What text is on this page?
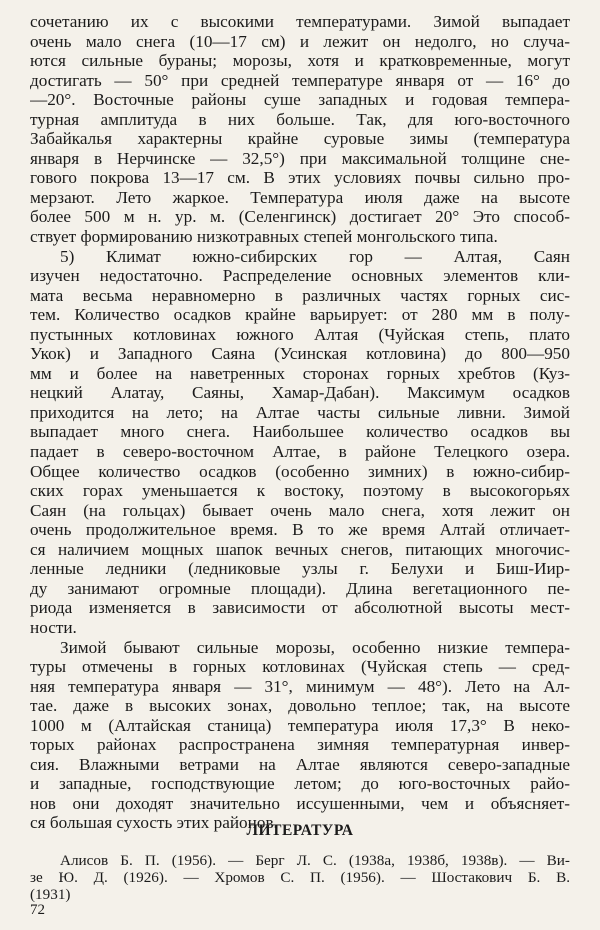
сочетанию их с высокими температурами. Зимой выпадает
очень мало снега (10—17 см) и лежит он недолго, но случа-
ются сильные бураны; морозы, хотя и кратковременные, могут
достигать — 50° при средней температуре января от — 16° до
—20°. Восточные районы суше западных и годовая темпера-
турная амплитуда в них больше. Так, для юго-восточного
Забайкалья характерны крайне суровые зимы (температура
января в Нерчинске — 32,5°) при максимальной толщине сне-
гового покрова 13—17 см. В этих условиях почвы сильно про-
мерзают. Лето жаркое. Температура июля даже на высоте
более 500 м н. ур. м. (Селенгинск) достигает 20° Это способ-
ствует формированию низкотравных степей монгольского типа.
5) Климат южно-сибирских гор — Алтая, Саян
изучен недостаточно. Распределение основных элементов кли-
мата весьма неравномерно в различных частях горных сис-
тем. Количество осадков крайне варьирует: от 280 мм в полу-
пустынных котловинах южного Алтая (Чуйская степь, плато
Укок) и Западного Саяна (Усинская котловина) до 800—950
мм и более на наветренных сторонах горных хребтов (Куз-
нецкий Алатау, Саяны, Хамар-Дабан). Максимум осадков
приходится на лето; на Алтае часты сильные ливни. Зимой
выпадает много снега. Наибольшее количество осадков вы
падает в северо-восточном Алтае, в районе Телецкого озера.
Общее количество осадков (особенно зимних) в южно-сибир-
ских горах уменьшается к востоку, поэтому в высокогорьях
Саян (на гольцах) бывает очень мало снега, хотя лежит он
очень продолжительное время. В то же время Алтай отличает-
ся наличием мощных шапок вечных снегов, питающих многочис-
ленные ледники (ледниковые узлы г. Белухи и Биш-Иир-
ду занимают огромные площади). Длина вегетационного пе-
риода изменяется в зависимости от абсолютной высоты мест-
ности.
Зимой бывают сильные морозы, особенно низкие темпера-
туры отмечены в горных котловинах (Чуйская степь — сред-
няя температура января — 31°, минимум — 48°). Лето на Ал-
тае. даже в высоких зонах, довольно теплое; так, на высоте
1000 м (Алтайская станица) температура июля 17,3° В неко-
торых районах распространена зимняя температурная инвер-
сия. Влажными ветрами на Алтае являются северо-западные
и западные, господствующие летом; до юго-восточных райо-
нов они доходят значительно иссушенными, чем и объясняет-
ся большая сухость этих районов.
ЛИТЕРАТУРА
Алисов Б. П. (1956). — Берг Л. С. (1938а, 1938б, 1938в). — Ви-
зе Ю. Д. (1926). — Хромов С. П. (1956). — Шостакович Б. В.
(1931)
72
